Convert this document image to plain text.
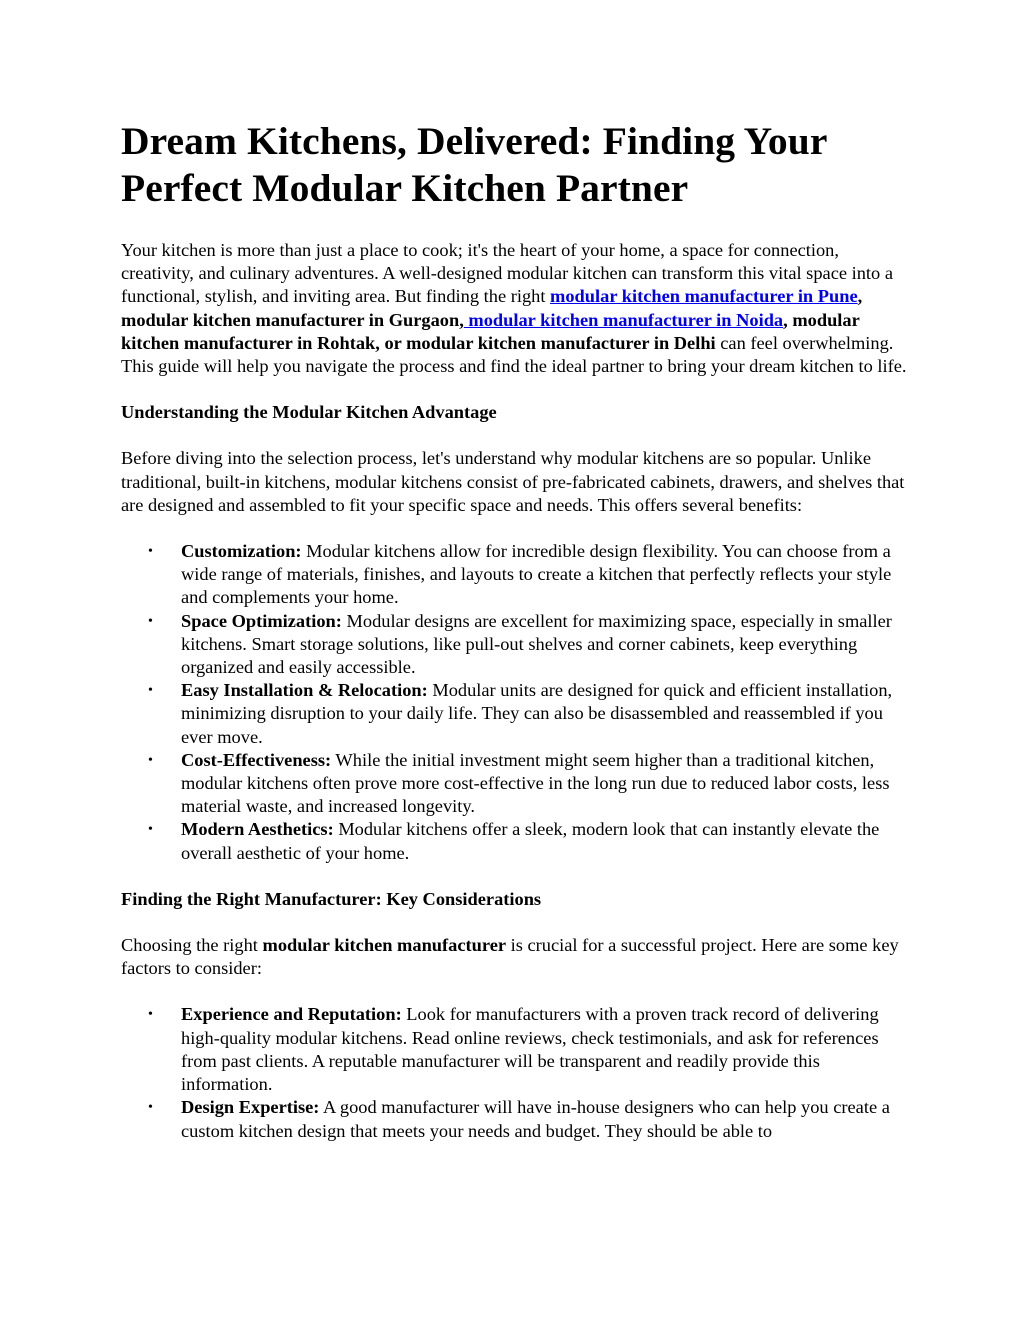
Dream Kitchens, Delivered: Finding Your Perfect Modular Kitchen Partner

Your kitchen is more than just a place to cook; it's the heart of your home, a space for connection, creativity, and culinary adventures. A well-designed modular kitchen can transform this vital space into a functional, stylish, and inviting area. But finding the right modular kitchen manufacturer in Pune, modular kitchen manufacturer in Gurgaon, modular kitchen manufacturer in Noida, modular kitchen manufacturer in Rohtak, or modular kitchen manufacturer in Delhi can feel overwhelming. This guide will help you navigate the process and find the ideal partner to bring your dream kitchen to life.

Understanding the Modular Kitchen Advantage

Before diving into the selection process, let's understand why modular kitchens are so popular. Unlike traditional, built-in kitchens, modular kitchens consist of pre-fabricated cabinets, drawers, and shelves that are designed and assembled to fit your specific space and needs. This offers several benefits:

• Customization: Modular kitchens allow for incredible design flexibility. You can choose from a wide range of materials, finishes, and layouts to create a kitchen that perfectly reflects your style and complements your home.
• Space Optimization: Modular designs are excellent for maximizing space, especially in smaller kitchens. Smart storage solutions, like pull-out shelves and corner cabinets, keep everything organized and easily accessible.
• Easy Installation & Relocation: Modular units are designed for quick and efficient installation, minimizing disruption to your daily life. They can also be disassembled and reassembled if you ever move.
• Cost-Effectiveness: While the initial investment might seem higher than a traditional kitchen, modular kitchens often prove more cost-effective in the long run due to reduced labor costs, less material waste, and increased longevity.
• Modern Aesthetics: Modular kitchens offer a sleek, modern look that can instantly elevate the overall aesthetic of your home.
Finding the Right Manufacturer: Key Considerations

Choosing the right modular kitchen manufacturer is crucial for a successful project. Here are some key factors to consider:

• Experience and Reputation: Look for manufacturers with a proven track record of delivering high-quality modular kitchens. Read online reviews, check testimonials, and ask for references from past clients. A reputable manufacturer will be transparent and readily provide this information.
• Design Expertise: A good manufacturer will have in-house designers who can help you create a custom kitchen design that meets your needs and budget. They should be able to
